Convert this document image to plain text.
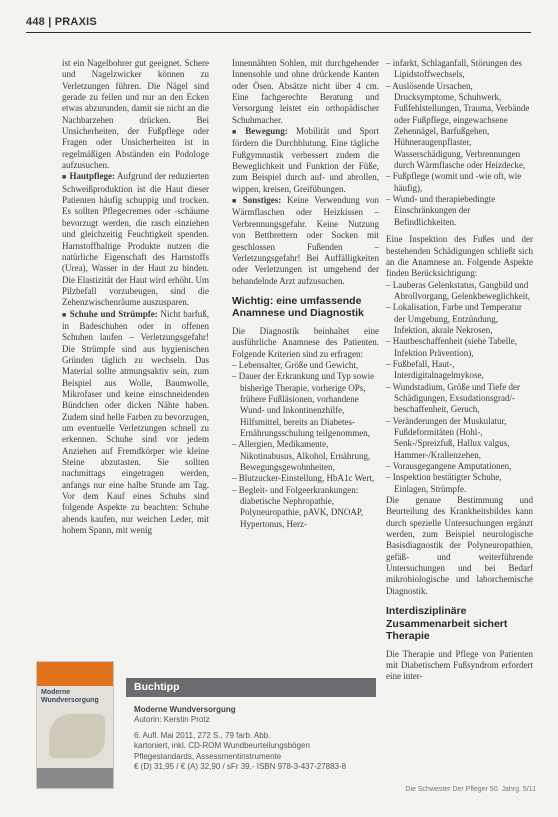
448 | PRAXIS

ist ein Nagelbohrer gut geeignet. Schere und Nagelzwicker können zu Verletzungen führen. Die Nägel sind gerade zu feilen und nur an den Ecken etwas abzurunden, damit sie nicht an die Nachbarzehen drücken. Bei Unsicherheiten, der Fußpflege oder Fragen oder Unsicherheiten ist in regelmäßigen Abständen ein Podologe aufzusuchen.

■ Hautpflege: Aufgrund der reduzierten Schweißproduktion ist die Haut dieser Patienten häufig schuppig und trocken. Es sollten Pflegecremes oder -schäume bevorzugt werden, die rasch einziehen und gleichzeitig Feuchtigkeit spenden. Harnstoffhaltige Produkte nutzen die natürliche Eigenschaft des Harnstoffs (Urea), Wasser in der Haut zu binden. Die Elastizität der Haut wird erhöht. Um Pilzbefall vorzubeugen, sind die Zehenzwischenräume auszusparen.

■ Schuhe und Strümpfe: Nicht barfuß, in Badeschuhen oder in offenen Schuhen laufen – Verletzungsgefahr! Die Strümpfe sind aus hygienischen Gründen täglich zu wechseln. Das Material sollte atmungsaktiv sein, zum Beispiel aus Wolle, Baumwolle, Mikrofaser und keine einschneidenden Bündchen oder dicken Nähte haben. Zudem sind helle Farben zu bevorzugen, um eventuelle Verletzungen schnell zu erkennen. Schuhe sind vor jedem Anziehen auf Fremdkörper wie kleine Steine abzutasten. Sie sollten nachmittags eingetragen werden, anfangs nur eine halbe Stunde am Tag. Vor dem Kauf eines Schuhs sind folgende Aspekte zu beachten: Schuhe abends kaufen, nur weichen Leder, mit hohem Spann, mit wenig

Innennähten Sohlen, mit durchgehender Innensohle und ohne drückende Kanten oder Ösen. Absätze nicht über 4 cm. Eine fachgerechte Beratung und Versorgung leistet ein orthopädischer Schuhmacher.

■ Bewegung: Mobilität und Sport fördern die Durchblutung. Eine tägliche Fußgymnastik verbessert zudem die Beweglichkeit und Funktion der Füße, zum Beispiel durch auf- und abrollen, wippen, kreisen, Greifübungen.

■ Sonstiges: Keine Verwendung von Wärmflaschen oder Heizkissen – Verbrennungsgefahr. Keine Nutzung von Bettbrettern oder Socken mit geschlossen Fußenden – Verletzungsgefahr! Bei Auffälligkeiten oder Verletzungen ist umgehend der behandelnde Arzt aufzusuchen.

Wichtig: eine umfassende Anamnese und Diagnostik

Die Diagnostik beinhaltet eine ausführliche Anamnese des Patienten. Folgende Kriterien sind zu erfragen:

– Lebensalter, Größe und Gewicht,
– Dauer der Erkrankung und Typ sowie bisherige Therapie, vorherige OPs, frühere Fußläsionen, vorhandene Wund- und Inkontinenzhilfe, Hilfsmittel, bereits an Diabetes-Ernährungsschulung teilgenommen,
– Allergien, Medikamente, Nikotinabusus, Alkohol, Ernährung, Bewegungsgewohnheiten,
– Blutzucker-Einstellung, HbA1c Wert,
– Begleit- und Folgeerkrankungen: diabetische Nephropathie, Polyneuropathie, pAVK, DNOAP, Hypertonus, Herz-
– infarkt, Schlaganfall, Störungen des Lipidstoffwechsels,
– Auslösende Ursachen, Drucksymptome, Schuhwerk, Fußfehlstellungen, Trauma, Verbände oder Fußpflege, eingewachsene Zehennägel, Barfußgehen, Hühneraugenpflaster, Wasserschädigung, Verbrennungen durch Wärmflasche oder Heizdecke,
– Fußpflege (womit und -wie oft, wie häufig),
– Wund- und therapiebedingte Einschränkungen der Befindlichkeiten.

Eine Inspektion des Fußes und der bestehenden Schädigungen schließt sich an die Anamnese an. Folgende Aspekte finden Berücksichtigung:

– Lauberas Gelenkstatus, Gangbild und Abrollvorgang, Gelenkbeweglichkeit,
– Lokalisation, Farbe und Temperatur der Umgebung, Entzündung, Infektion, akrale Nekrosen,
– Hautbeschaffenheit (siehe Tabelle, Infektion Prävention),
– Fußbefall, Haut-, Interdigitalnagelmykose,
– Wundstadium, Größe und Tiefe der Schädigungen, Exsudationsgrad/-beschaffenheit, Geruch,
– Veränderungen der Muskulatur, Fußdeformitäten (Hohl-, Senk-/Spreizfuß, Hallux valgus, Hammer-/Krallenzehen,
– Vorausgegangene Amputationen,
– Inspektion bestätigter Schuhe, Einlagen, Strümpfe.

Die genaue Bestimmung und Beurteilung des Krankheitsbildes kann durch spezielle Untersuchungen ergänzt werden, zum Beispiel neurologische Basisdiagnostik der Polyneuropathien, gefäß- und weiterführende Untersuchungen und bei Bedarf mikrobiologische und laborchemische Diagnostik.

Interdisziplinäre Zusammenarbeit sichert Therapie

Die Therapie und Pflege von Patienten mit Diabetischem Fußsyndrom erfordert eine inter-

Moderne Wundversorgung
Buchtipp
Moderne Wundversorgung
Autorin: Kerstin Protz
6. Aufl. Mai 2011, 272 S., 79 farb. Abb.
kartoniert, inkl. CD-ROM Wundbeurteilungsbögen
Pflegestandards, Assessmentinstrumente
€ (D) 31,95 / € (A) 32,90 / sFr 39,- ISBN 978-3-437-27883-8
Die Schwester Der Pfleger 50. Jahrg. 5/11
